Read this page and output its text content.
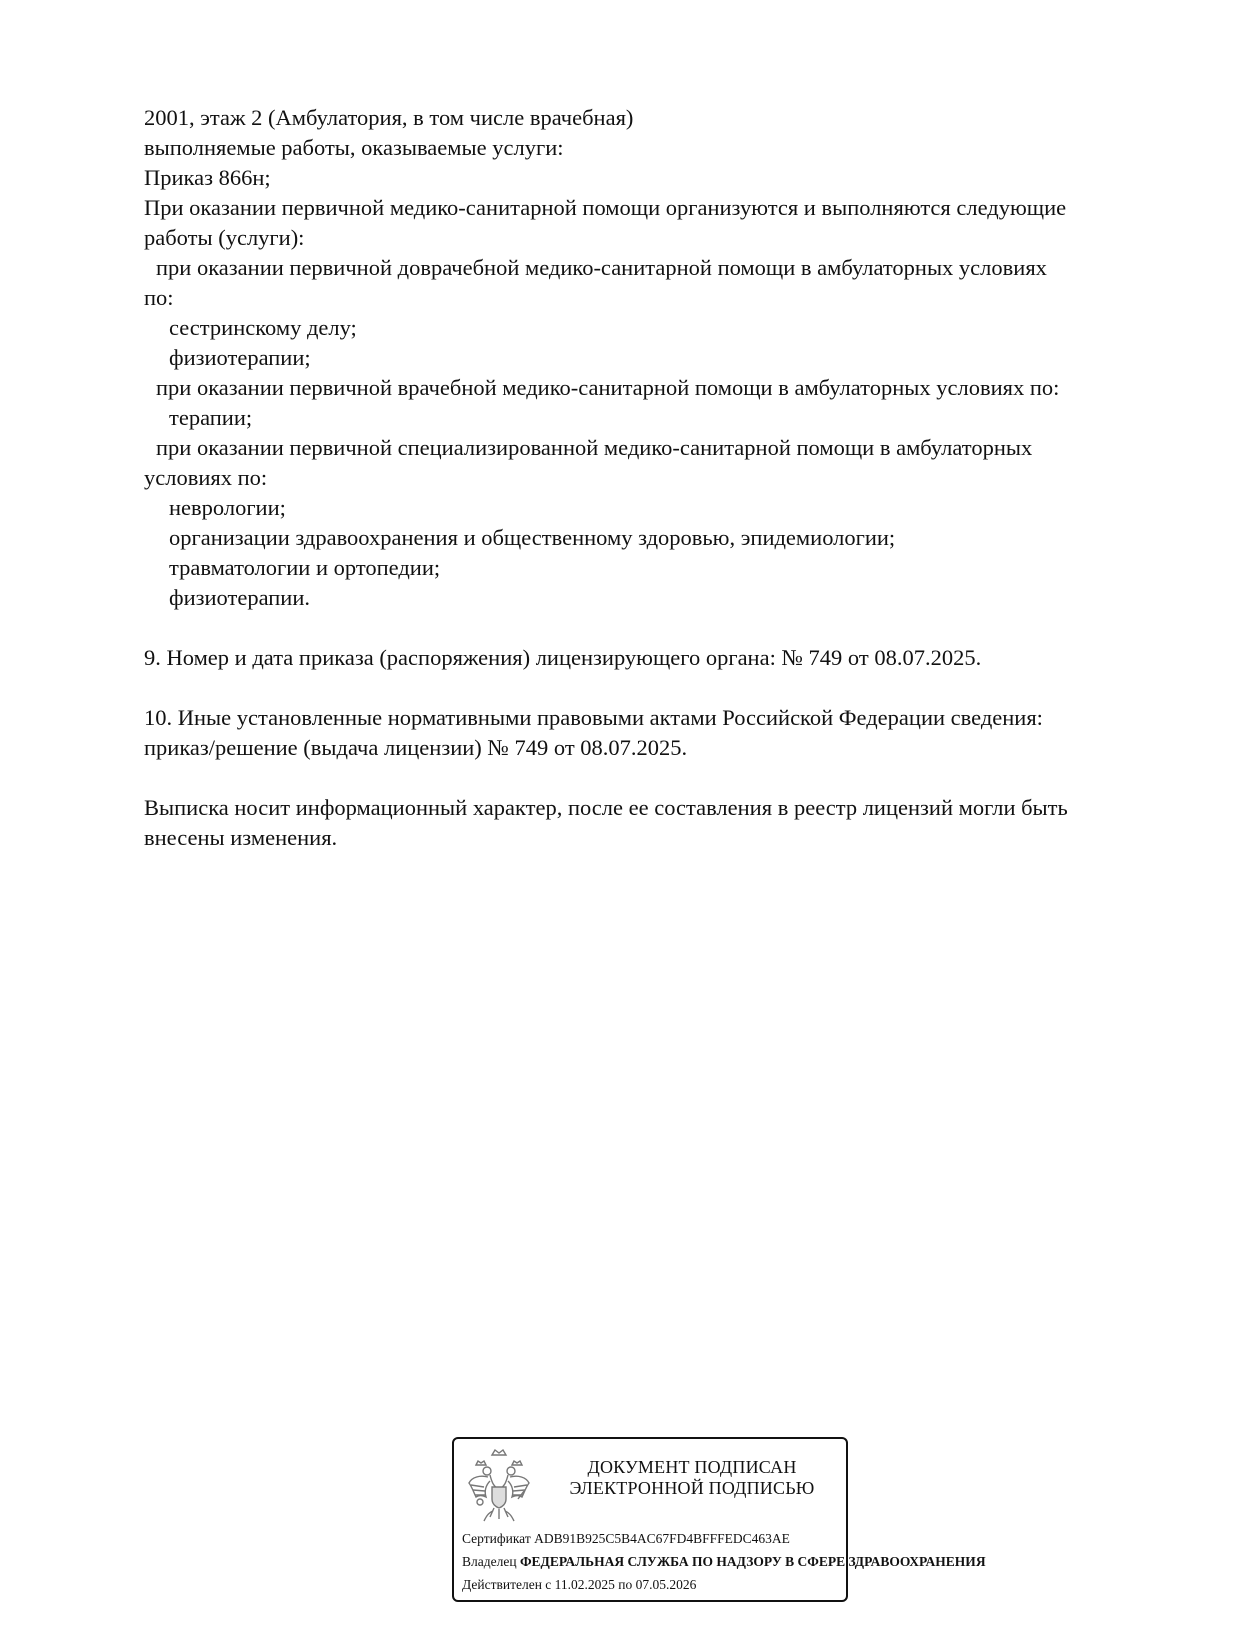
2001, этаж 2 (Амбулатория, в том числе врачебная)
выполняемые работы, оказываемые услуги:
Приказ 866н;
При оказании первичной медико-санитарной помощи организуются и выполняются следующие
работы (услуги):
при оказании первичной доврачебной медико-санитарной помощи в амбулаторных условиях
по:
сестринскому делу;
физиотерапии;
при оказании первичной врачебной медико-санитарной помощи в амбулаторных условиях по:
терапии;
при оказании первичной специализированной медико-санитарной помощи в амбулаторных
условиях по:
неврологии;
организации здравоохранения и общественному здоровью, эпидемиологии;
травматологии и ортопедии;
физиотерапии.
9. Номер и дата приказа (распоряжения) лицензирующего органа: № 749 от 08.07.2025.
10. Иные установленные нормативными правовыми актами Российской Федерации сведения:
приказ/решение (выдача лицензии) № 749 от 08.07.2025.
Выписка носит информационный характер, после ее составления в реестр лицензий могли быть
внесены изменения.
ДОКУМЕНТ ПОДПИСАН
ЭЛЕКТРОННОЙ ПОДПИСЬЮ
Сертификат ADB91B925C5B4AC67FD4BFFFEDC463AE
Владелец ФЕДЕРАЛЬНАЯ СЛУЖБА ПО НАДЗОРУ В СФЕРЕ ЗДРАВООХРАНЕНИЯ
Действителен с 11.02.2025 по 07.05.2026
